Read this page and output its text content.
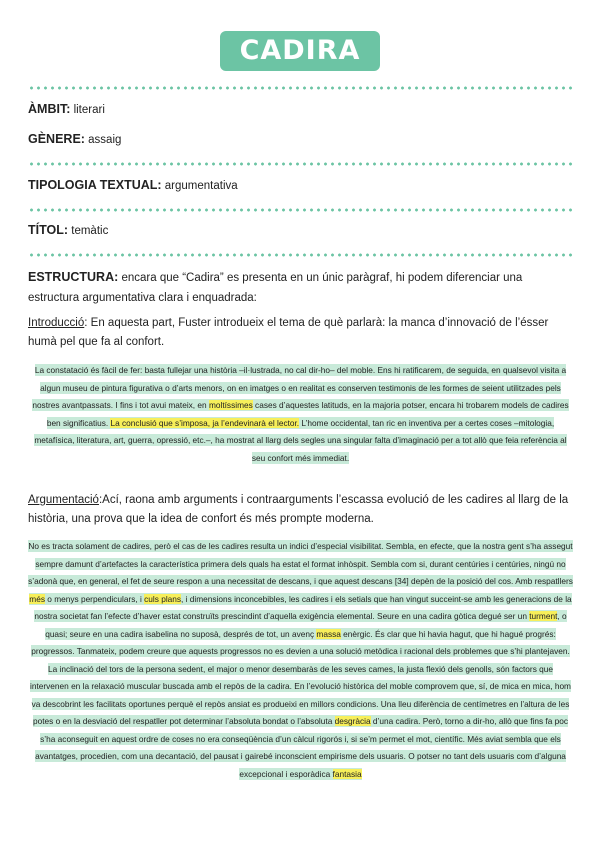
CADIRA
ÀMBIT: literari
GÈNERE: assaig
TIPOLOGIA TEXTUAL: argumentativa
TÍTOL: temàtic
ESTRUCTURA: encara que “Cadira” es presenta en un únic paràgraf, hi podem diferenciar una estructura argumentativa clara i enquadrada:
Introducció: En aquesta part, Fuster introdueix el tema de què parlarà: la manca d’innovació de l’ésser humà pel que fa al confort.
La constatació és fàcil de fer: basta fullejar una història –il·lustrada, no cal dir-ho– del moble. Ens hi ratificarem, de seguida, en qualsevol visita a algun museu de pintura figurativa o d’arts menors, on en imatges o en realitat es conserven testimonis de les formes de seient utilitzades pels nostres avantpassats. I fins i tot avui mateix, en moltíssimes cases d’aquestes latituds, en la majoria potser, encara hi trobarem models de cadires ben significatius. La conclusió que s’imposa, ja l’endevinarà el lector. L’home occidental, tan ric en inventiva per a certes coses –mitologia, metafísica, literatura, art, guerra, opressió, etc.–, ha mostrat al llarg dels segles una singular falta d’imaginació per a tot allò que feia referència al seu confort més immediat.
Argumentació:Ací, raona amb arguments i contraarguments l’escassa evolució de les cadires al llarg de la història, una prova que la idea de confort és més prompte moderna.
No es tracta solament de cadires, però el cas de les cadires resulta un indici d’especial visibilitat. Sembla, en efecte, que la nostra gent s’ha assegut sempre damunt d’artefactes la característica primera dels quals ha estat el format inhòspit. Sembla com si, durant centúries i centúries, ningú no s’adonà que, en general, el fet de seure respon a una necessitat de descans, i que aquest descans [34] depèn de la posició del cos. Amb respatllers més o menys perpendiculars, i culs plans, i dimensions inconcebibles, les cadires i els setials que han vingut succeint-se amb les generacions de la nostra societat fan l’efecte d’haver estat construïts prescindint d’aquella exigència elemental. Seure en una cadira gòtica degué ser un turment, o quasi; seure en una cadira isabelina no suposà, després de tot, un avenç massa enèrgic. És clar que hi havia hagut, que hi hagué progrés: progressos. Tanmateix, podem creure que aquests progressos no es devien a una solució metòdica i racional dels problemes que s’hi plantejaven. La inclinació del tors de la persona sedent, el major o menor desembaràs de les seves cames, la justa flexió dels genolls, són factors que intervenen en la relaxació muscular buscada amb el repòs de la cadira. En l’evolució històrica del moble comprovem que, sí, de mica en mica, hom va descobrint les facilitats oportunes perquè el repòs ansiat es produeixi en millors condicions. Una lleu diferència de centímetres en l’altura de les potes o en la desviació del respatller pot determinar l’absoluta bondat o l’absoluta desgràcia d’una cadira. Però, torno a dir-ho, allò que fins fa poc s’ha aconseguit en aquest ordre de coses no era conseqüència d’un càlcul rigorós i, si se’m permet el mot, científic. Més aviat sembla que els avantatges, procedien, com una decantació, del pausat i gairebé inconscient empirisme dels usuaris. O potser no tant dels usuaris com d’alguna excepcional i esporàdica fantasia
